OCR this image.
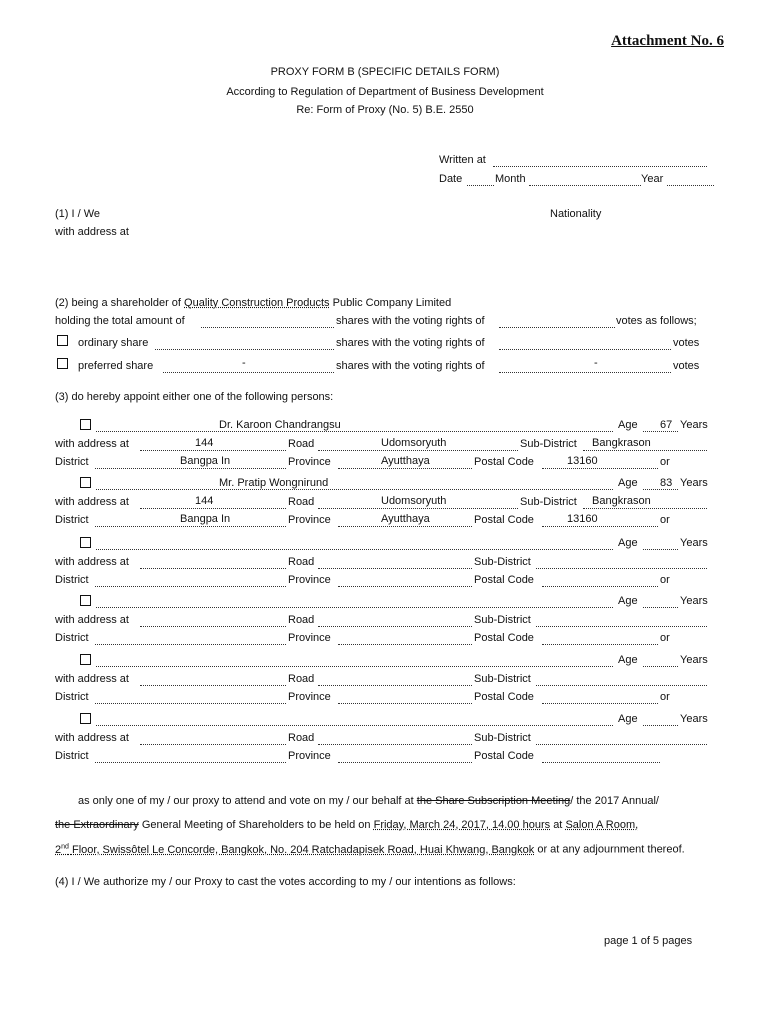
Attachment No. 6
PROXY FORM B (SPECIFIC DETAILS FORM)
According to Regulation of Department of Business Development
Re: Form of Proxy (No. 5) B.E. 2550
Written at
Date	Month	Year
(1) I / We	Nationality
with address at
(2) being a shareholder of Quality Construction Products Public Company Limited
holding the total amount of	shares with the voting rights of	votes as follows;
ordinary share	shares with the voting rights of	votes
preferred share	-	shares with the voting rights of	-	votes
(3) do hereby appoint either one of the following persons:
Dr. Karoon Chandrangsu	Age 67 Years
with address at	144	Road	Udomsoryuth	Sub-District Bangkrason
District	Bangpa In	Province	Ayutthaya	Postal Code	13160	or
Mr. Pratip Wongnirund	Age 83 Years
with address at	144	Road	Udomsoryuth	Sub-District Bangkrason
District	Bangpa In	Province	Ayutthaya	Postal Code	13160	or
Age	Years
with address at	Road	Sub-District
District	Province	Postal Code	or
Age	Years
with address at	Road	Sub-District
District	Province	Postal Code	or
Age	Years
with address at	Road	Sub-District
District	Province	Postal Code	or
Age	Years
with address at	Road	Sub-District
District	Province	Postal Code
as only one of my / our proxy to attend and vote on my / our behalf at the Share Subscription Meeting/ the 2017 Annual/
the Extraordinary General Meeting of Shareholders to be held on Friday, March 24, 2017, 14.00 hours at Salon A Room,
2nd Floor, Swissôtel Le Concorde, Bangkok, No. 204 Ratchadapisek Road, Huai Khwang, Bangkok or at any adjournment thereof.
(4) I / We authorize my / our Proxy to cast the votes according to my / our intentions as follows:
page 1 of 5 pages
